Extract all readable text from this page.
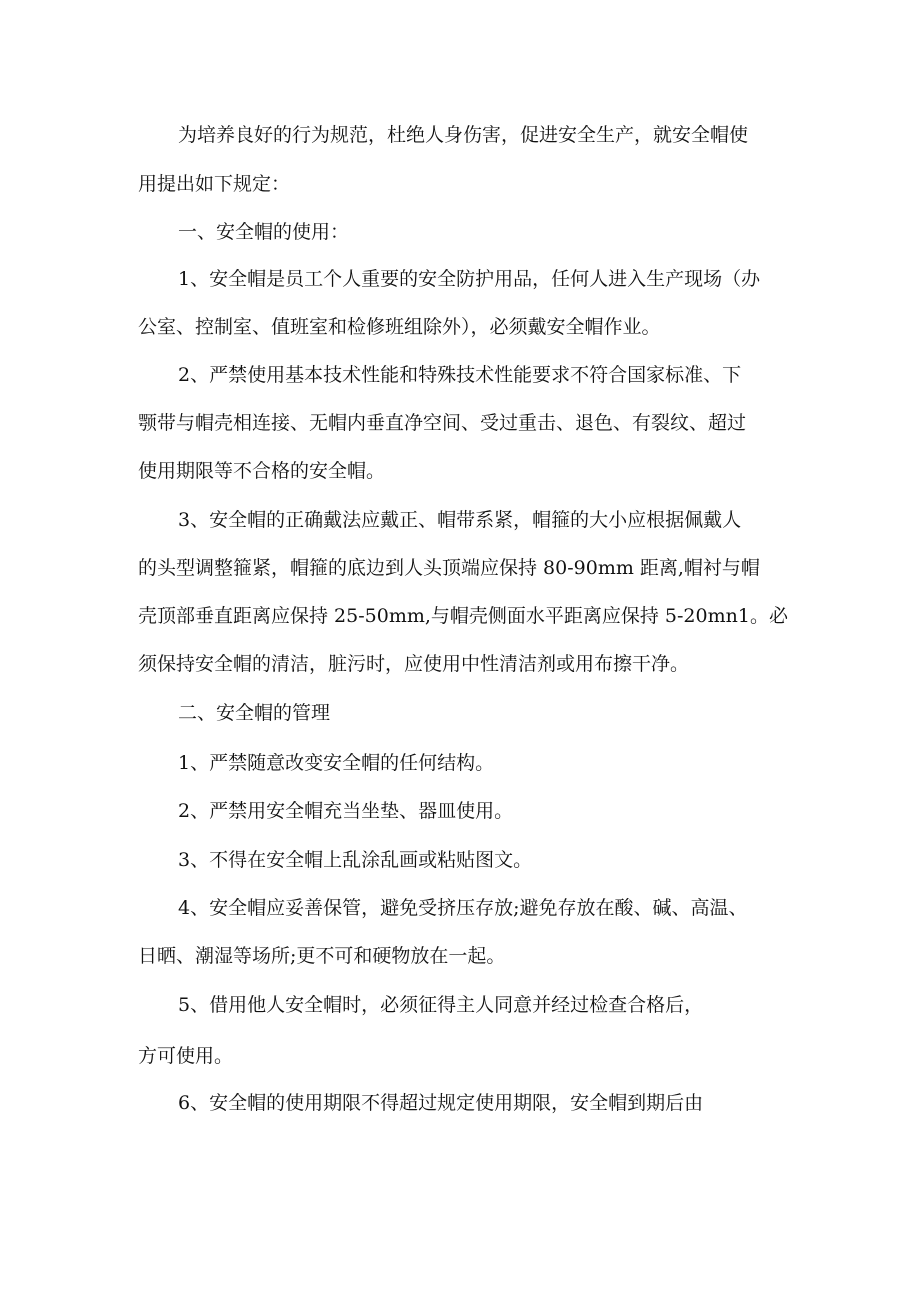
为培养良好的行为规范，杜绝人身伤害，促进安全生产，就安全帽使
用提出如下规定：
一、安全帽的使用：
1、安全帽是员工个人重要的安全防护用品，任何人进入生产现场（办
公室、控制室、值班室和检修班组除外），必须戴安全帽作业。
2、严禁使用基本技术性能和特殊技术性能要求不符合国家标准、下
颚带与帽壳相连接、无帽内垂直净空间、受过重击、退色、有裂纹、超过
使用期限等不合格的安全帽。
3、安全帽的正确戴法应戴正、帽带系紧，帽箍的大小应根据佩戴人
的头型调整箍紧，帽箍的底边到人头顶端应保持 80-90mm 距离,帽衬与帽
壳顶部垂直距离应保持 25-50mm,与帽壳侧面水平距离应保持 5-20mn1。必
须保持安全帽的清洁，脏污时，应使用中性清洁剂或用布擦干净。
二、安全帽的管理
1、严禁随意改变安全帽的任何结构。
2、严禁用安全帽充当坐垫、器皿使用。
3、不得在安全帽上乱涂乱画或粘贴图文。
4、安全帽应妥善保管，避免受挤压存放;避免存放在酸、碱、高温、
日晒、潮湿等场所;更不可和硬物放在一起。
5、借用他人安全帽时，必须征得主人同意并经过检查合格后，
方可使用。
6、安全帽的使用期限不得超过规定使用期限，安全帽到期后由
